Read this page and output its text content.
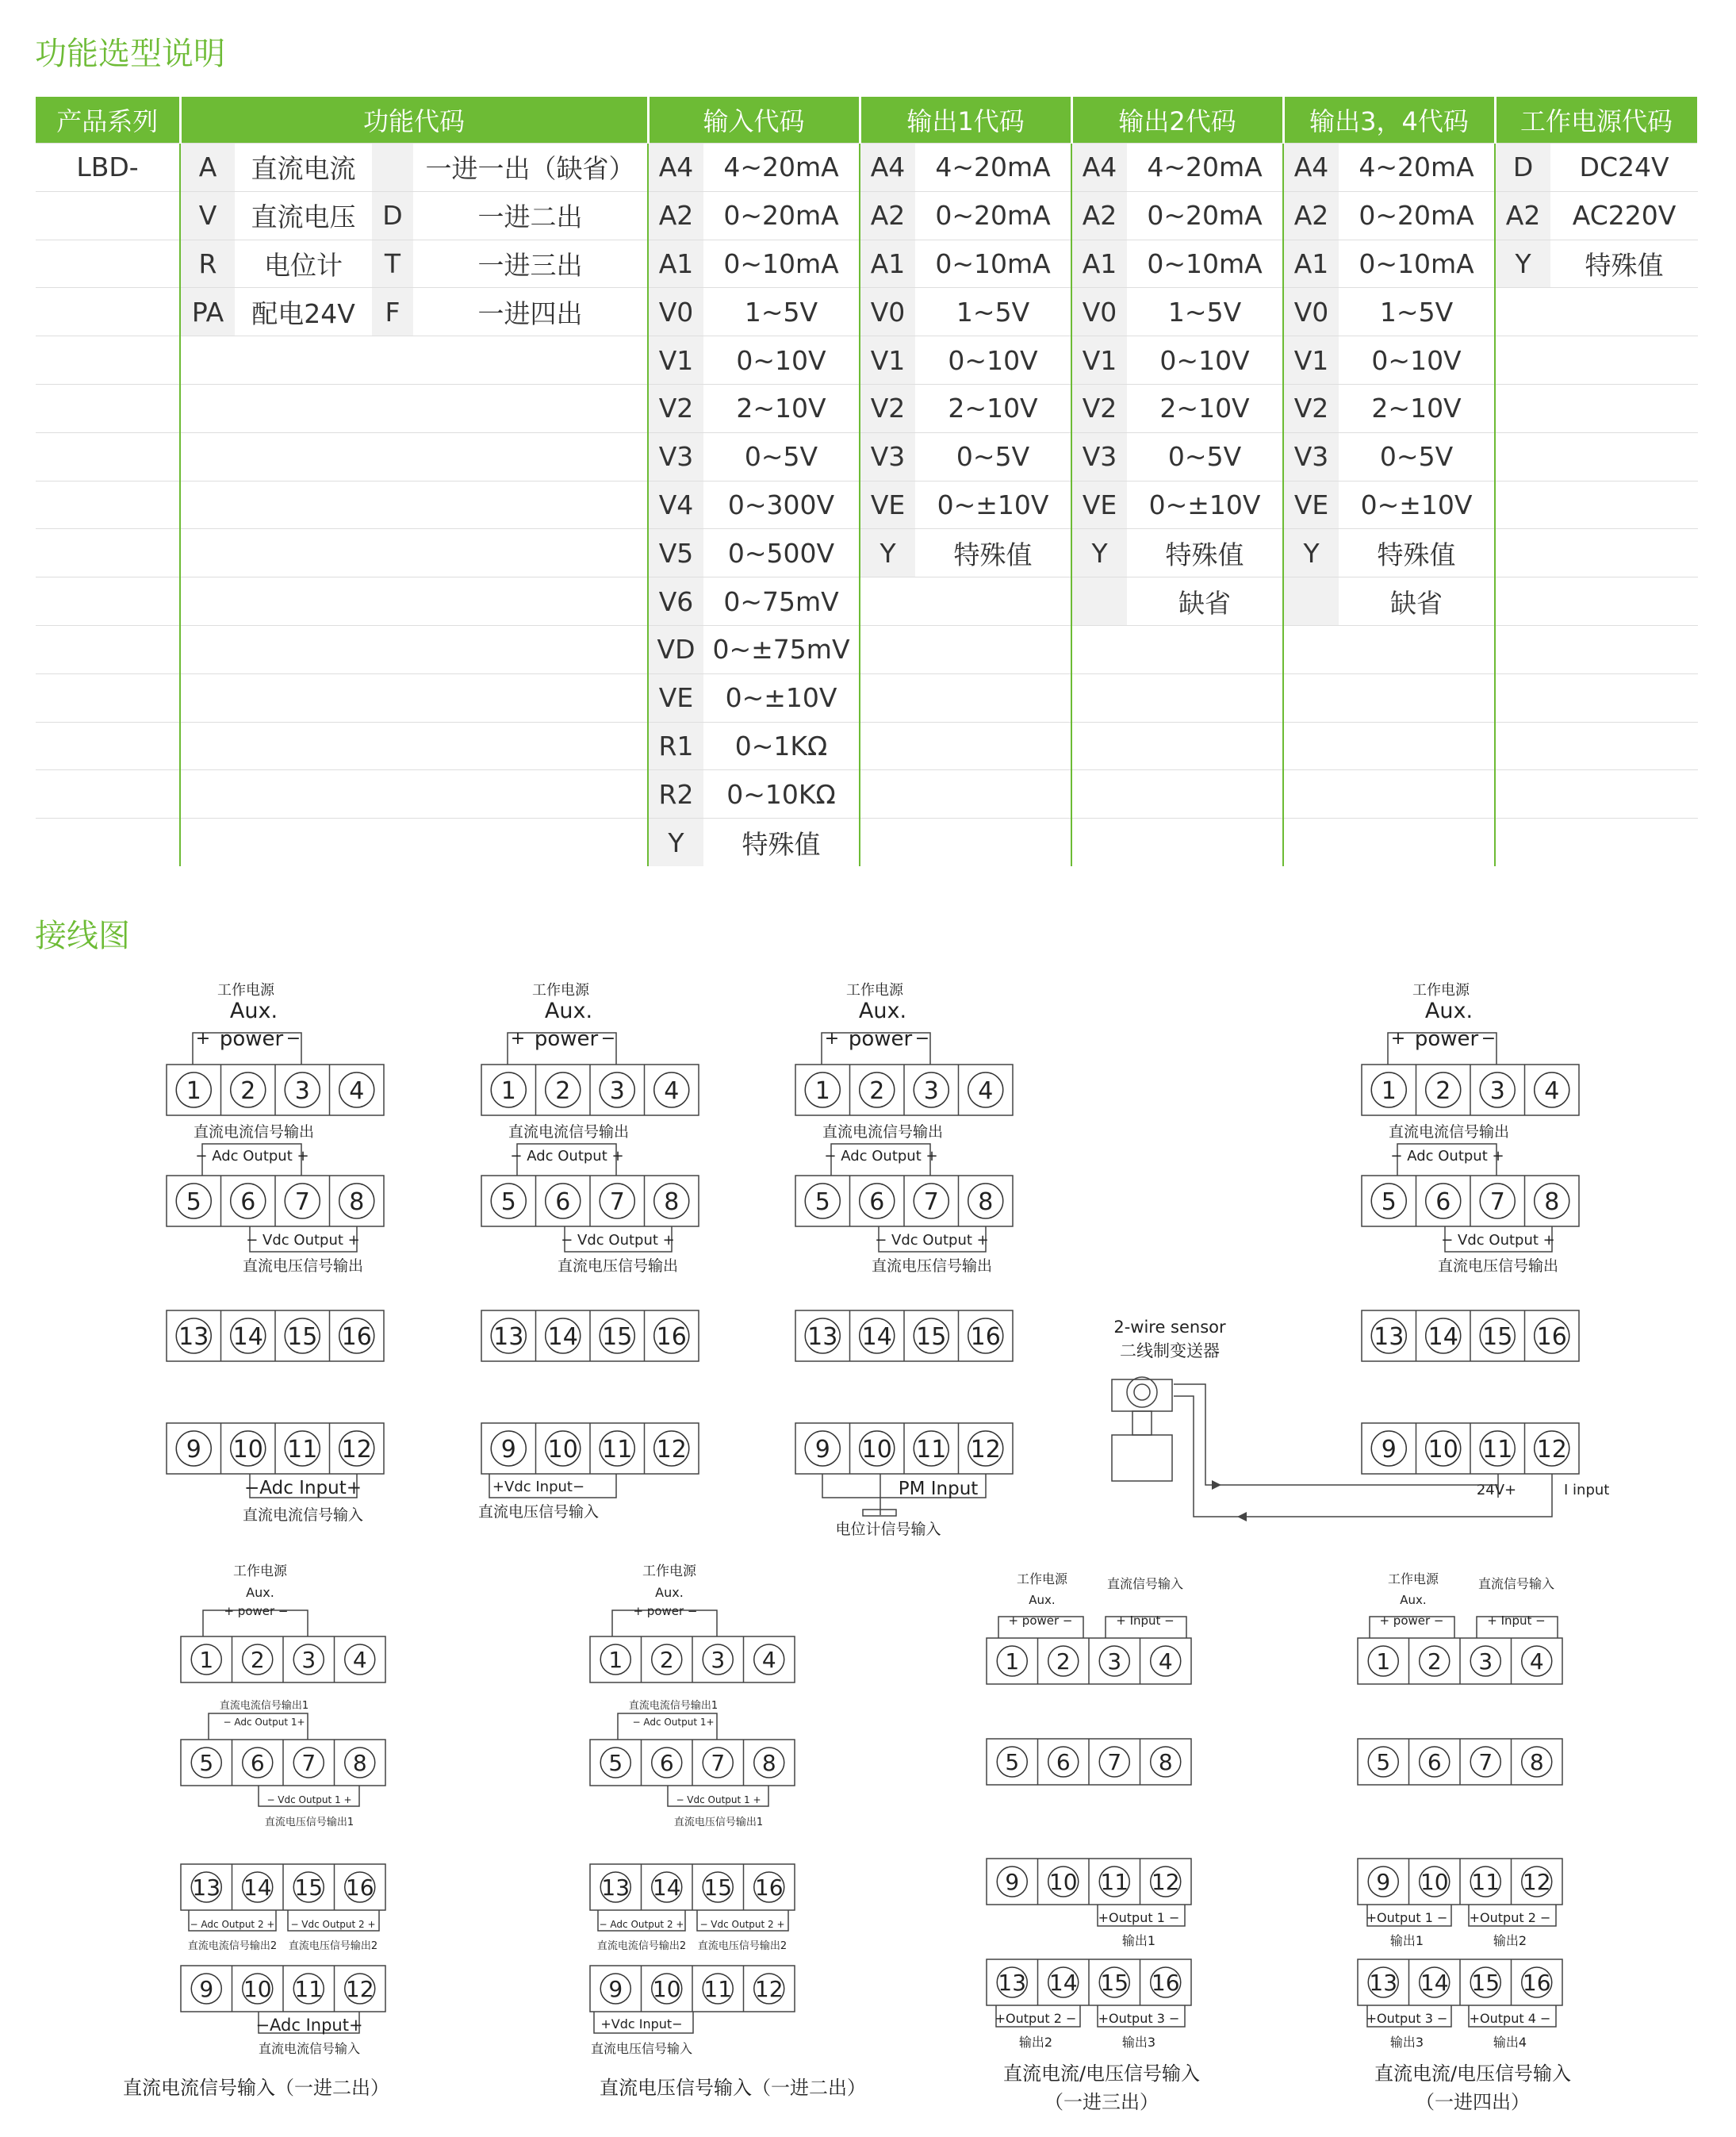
功能选型说明
产品系列	功能代码				输入代码		输出1代码		输出2代码		输出3，4代码		工作电源代码	
LBD-	A	直流电流		一进一出（缺省）	A4	4~20mA	A4	4~20mA	A4	4~20mA	A4	4~20mA	D	DC24V
	V	直流电压	D	一进二出	A2	0~20mA	A2	0~20mA	A2	0~20mA	A2	0~20mA	A2	AC220V
	R	电位计	T	一进三出	A1	0~10mA	A1	0~10mA	A1	0~10mA	A1	0~10mA	Y	特殊值
	PA	配电24V	F	一进四出	V0	1~5V	V0	1~5V	V0	1~5V	V0	1~5V		
					V1	0~10V	V1	0~10V	V1	0~10V	V1	0~10V		
					V2	2~10V	V2	2~10V	V2	2~10V	V2	2~10V		
					V3	0~5V	V3	0~5V	V3	0~5V	V3	0~5V		
					V4	0~300V	VE	0~±10V	VE	0~±10V	VE	0~±10V		
					V5	0~500V	Y	特殊值	Y	特殊值	Y	特殊值		
					V6	0~75mV				缺省		缺省		
					VD	0~±75mV								
					VE	0~±10V								
					R1	0~1KΩ								
					R2	0~10KΩ								
					Y	特殊值								
接线图
工作电源
Aux.
+ power −
1 2 3 4
直流电流信号输出
− Adc Output +
5 6 7 8
− Vdc Output +
直流电压信号输出
13 14 15 16
9 10 11 12
−Adc Input+
直流电流信号输入
工作电源
Aux.
+ power −
1 2 3 4
直流电流信号输出
− Adc Output +
5 6 7 8
− Vdc Output +
直流电压信号输出
13 14 15 16
9 10 11 12
+Vdc Input−
直流电压信号输入
工作电源
Aux.
+ power −
1 2 3 4
直流电流信号输出
− Adc Output +
5 6 7 8
− Vdc Output +
直流电压信号输出
13 14 15 16
9 10 11 12
PM Input
电位计信号输入
工作电源
Aux.
+ power −
1 2 3 4
直流电流信号输出
− Adc Output +
5 6 7 8
− Vdc Output +
直流电压信号输出
13 14 15 16
9 10 11 12
24V+	I input
2-wire sensor
二线制变送器
工作电源
Aux.
+ power −
1 2 3 4
直流电流信号输出1
− Adc Output 1+
5 6 7 8
− Vdc Output 1 +
直流电压信号输出1
13 14 15 16
− Adc Output 2 +
直流电流信号输出2
− Vdc Output 2 +
直流电压信号输出2
9 10 11 12
−Adc Input+
直流电流信号输入
直流电流信号输入（一进二出）
工作电源
Aux.
+ power −
1 2 3 4
直流电流信号输出1
− Adc Output 1+
5 6 7 8
− Vdc Output 1 +
直流电压信号输出1
13 14 15 16
− Adc Output 2 +
直流电流信号输出2
− Vdc Output 2 +
直流电压信号输出2
9 10 11 12
+Vdc Input−
直流电压信号输入
直流电压信号输入（一进二出）
工作电源	直流信号输入
Aux.
+ power −	+ Input −
1 2 3 4
5 6 7 8
9 10 11 12
13 14 15 16
+Output 1 −
输出1
+Output 2 −
输出2
+Output 3 −
输出3
直流电流/电压信号输入
（一进三出）
工作电源	直流信号输入
Aux.
+ power −	+ Input −
1 2 3 4
5 6 7 8
9 10 11 12
13 14 15 16
+Output 1 −
输出1
+Output 2 −
输出2
+Output 3 −
输出3
+Output 4 −
输出4
直流电流/电压信号输入
（一进四出）
